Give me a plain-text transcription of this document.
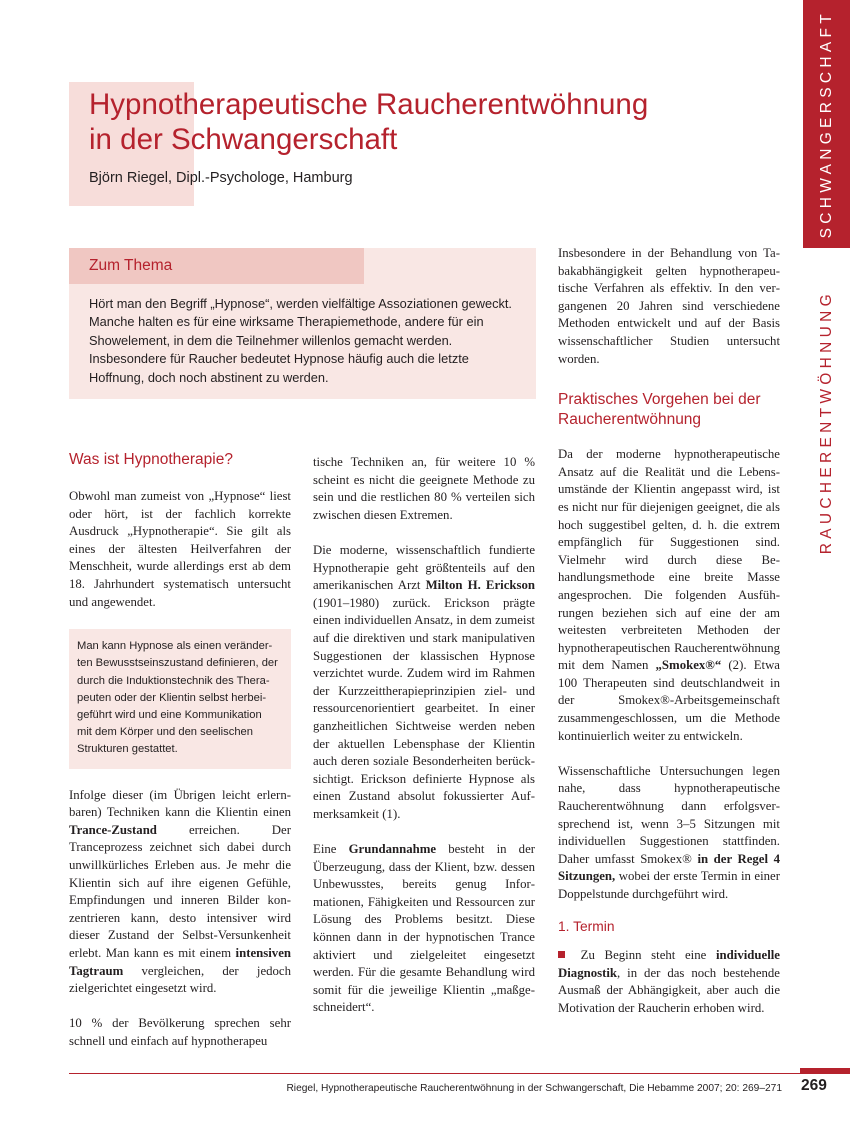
SCHWANGERSCHAFT
RAUCHERENTWÖHNUNG
Hypnotherapeutische Raucherentwöhnung
in der Schwangerschaft
Björn Riegel, Dipl.-Psychologe, Hamburg
Zum Thema

Hört man den Begriff „Hypnose“, werden vielfältige Assoziationen geweckt. Manche halten es für eine wirksame Therapiemethode, andere für ein Showelement, in dem die Teilnehmer willenlos gemacht werden. Insbesondere für Raucher bedeutet Hypnose häufig auch die letzte Hoffnung, doch noch abstinent zu werden.

Was ist Hypnotherapie?

Obwohl man zumeist von „Hypnose“ liest oder hört, ist der fachlich korrekte Ausdruck „Hypnotherapie“. Sie gilt als eines der ältesten Heilverfahren der Menschheit, wurde allerdings erst ab dem 18. Jahrhundert systematisch untersucht und angewendet.

Man kann Hypnose als einen veränder-
ten Bewusstseinszustand definieren, der
durch die Induktionstechnik des Thera-
peuten oder der Klientin selbst herbei-
geführt wird und eine Kommunikation
mit dem Körper und den seelischen
Strukturen gestattet.

Infolge dieser (im Übrigen leicht erlernbaren) Techniken kann die Klientin einen Trance-Zustand erreichen. Der Tranceprozess zeichnet sich dabei durch unwillkürliches Erleben aus. Je mehr die Klientin sich auf ihre eigenen Gefühle, Empfindungen und inneren Bilder konzentrieren kann, desto intensiver wird dieser Zustand der Selbst-Versunkenheit erlebt. Man kann es mit einem intensiven Tagtraum vergleichen, der jedoch zielgerichtet eingesetzt wird.

10 % der Bevölkerung sprechen sehr schnell und einfach auf hypnotherapeu

tische Techniken an, für weitere 10 % scheint es nicht die geeignete Methode zu sein und die restlichen 80 % verteilen sich zwischen diesen Extremen.

Die moderne, wissenschaftlich fundierte Hypnotherapie geht größtenteils auf den amerikanischen Arzt Milton H. Erickson (1901–1980) zurück. Erickson prägte einen individuellen Ansatz, in dem zumeist auf die direktiven und stark manipulativen Suggestionen der klassischen Hypnose verzichtet wurde. Zudem wird im Rahmen der Kurzzeittherapieprinzipien ziel- und ressourcenorientiert gearbeitet. In einer ganzheitlichen Sichtweise werden neben der aktuellen Lebensphase der Klientin auch deren soziale Besonderheiten berücksichtigt. Erickson definierte Hypnose als einen Zustand absolut fokussierter Aufmerksamkeit (1).

Eine Grundannahme besteht in der Überzeugung, dass der Klient, bzw. dessen Unbewusstes, bereits genug Informationen, Fähigkeiten und Ressourcen zur Lösung des Problems besitzt. Diese können dann in der hypnotischen Trance aktiviert und zielgeleitet eingesetzt werden. Für die gesamte Behandlung wird somit für die jeweilige Klientin „maßgeschneidert“.

Insbesondere in der Behandlung von Tabakabhängigkeit gelten hypnotherapeutische Verfahren als effektiv. In den vergangenen 20 Jahren sind verschiedene Methoden entwickelt und auf der Basis wissenschaftlicher Studien untersucht worden.

Praktisches Vorgehen bei der
Raucherentwöhnung

Da der moderne hypnotherapeutische Ansatz auf die Realität und die Lebensumstände der Klientin angepasst wird, ist es nicht nur für diejenigen geeignet, die als hoch suggestibel gelten, d. h. die extrem empfänglich für Suggestionen sind. Vielmehr wird durch diese Behandlungsmethode eine breite Masse angesprochen. Die folgenden Ausführungen beziehen sich auf eine der am weitesten verbreiteten Methoden der hypnotherapeutischen Raucherentwöhnung mit dem Namen „Smokex®“ (2). Etwa 100 Therapeuten sind deutschlandweit in der Smokex®-Arbeitsgemeinschaft zusammengeschlossen, um die Methode kontinuierlich weiter zu entwickeln.

Wissenschaftliche Untersuchungen legen nahe, dass hypnotherapeutische Raucherentwöhnung dann erfolgsversprechend ist, wenn 3–5 Sitzungen mit individuellen Suggestionen stattfinden. Daher umfasst Smokex® in der Regel 4 Sitzungen, wobei der erste Termin in einer Doppelstunde durchgeführt wird.

1. Termin

Zu Beginn steht eine individuelle Diagnostik, in der das noch bestehende Ausmaß der Abhängigkeit, aber auch die Motivation der Raucherin erhoben wird.

Riegel, Hypnotherapeutische Raucherentwöhnung in der Schwangerschaft, Die Hebamme 2007; 20: 269–271 269
